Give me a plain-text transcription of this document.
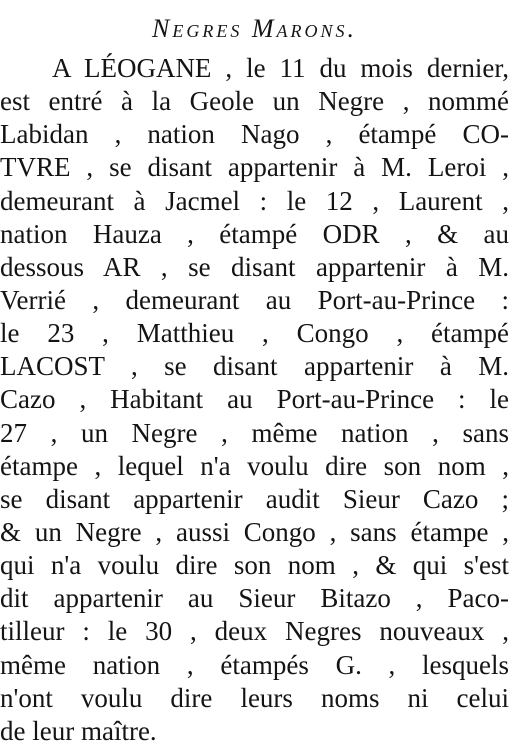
Negres Marons.
A LÉOGANE , le 11 du mois dernier,
est entré à la Geole un Negre , nommé
Labidan , nation Nago , étampé CO-
TVRE , se disant appartenir à M. Leroi ,
demeurant à Jacmel : le 12 , Laurent ,
nation Hauza , étampé ODR , & au
dessous AR , se disant appartenir à M.
Verrié , demeurant au Port-au-Prince :
le 23 , Matthieu , Congo , étampé
LACOST , se disant appartenir à M.
Cazo , Habitant au Port-au-Prince : le
27 , un Negre , même nation , sans
étampe , lequel n'a voulu dire son nom ,
se disant appartenir audit Sieur Cazo ;
& un Negre , aussi Congo , sans étampe ,
qui n'a voulu dire son nom , & qui s'est
dit appartenir au Sieur Bitazo , Paco-
tilleur : le 30 , deux Negres nouveaux ,
même nation , étampés G. , lesquels
n'ont voulu dire leurs noms ni celui
de leur maître.
